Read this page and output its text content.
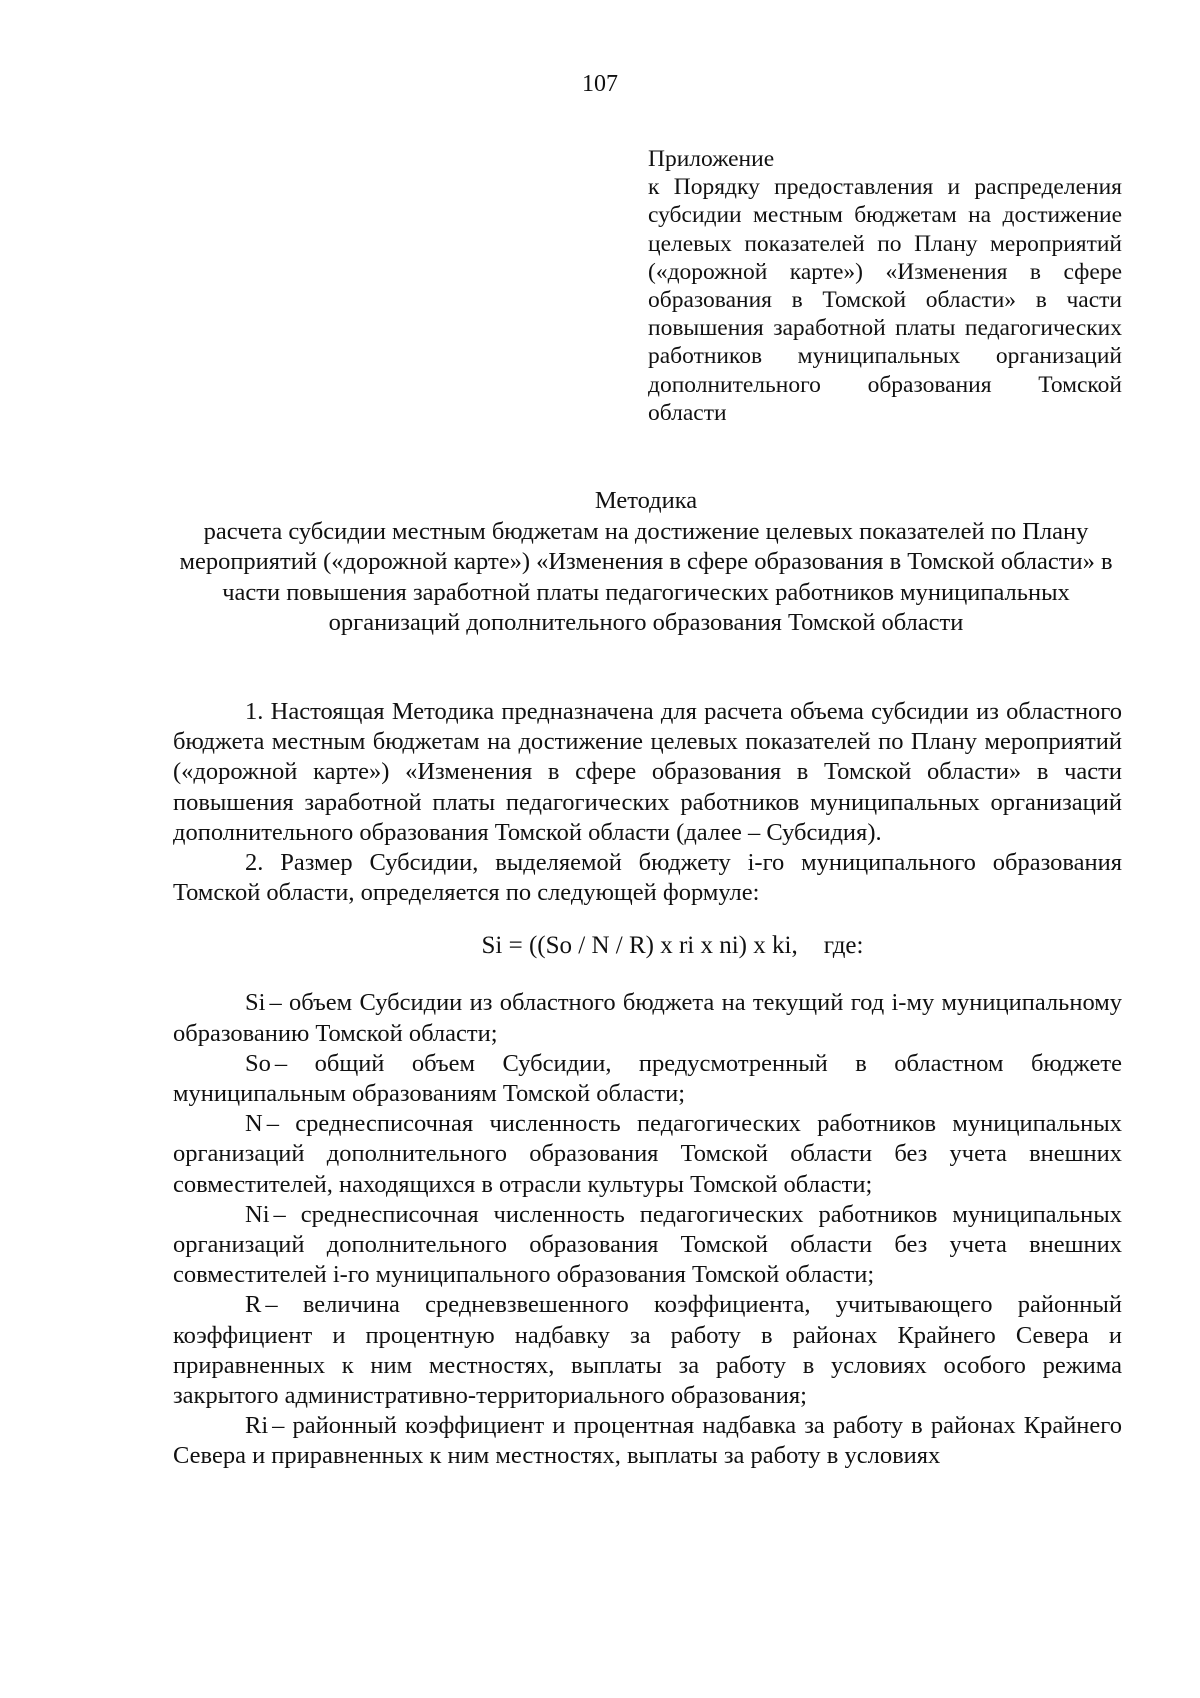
107
Приложение
к Порядку предоставления и распределения субсидии местным бюджетам на достижение целевых показателей по Плану мероприятий («дорожной карте») «Изменения в сфере образования в Томской области» в части повышения заработной платы педагогических работников муниципальных организаций дополнительного образования Томской области
Методика
расчета субсидии местным бюджетам на достижение целевых показателей по Плану мероприятий («дорожной карте») «Изменения в сфере образования в Томской области» в части повышения заработной платы педагогических работников муниципальных организаций дополнительного образования Томской области

1. Настоящая Методика предназначена для расчета объема субсидии из областного бюджета местным бюджетам на достижение целевых показателей по Плану мероприятий («дорожной карте») «Изменения в сфере образования в Томской области» в части повышения заработной платы педагогических работников муниципальных организаций дополнительного образования Томской области (далее – Субсидия).

2. Размер Субсидии, выделяемой бюджету i-го муниципального образования Томской области, определяется по следующей формуле:

Si = ((So / N / R) x ri x ni) x ki, где:

Si – объем Субсидии из областного бюджета на текущий год i-му муниципальному образованию Томской области;

So – общий объем Субсидии, предусмотренный в областном бюджете муниципальным образованиям Томской области;

N – среднесписочная численность педагогических работников муниципальных организаций дополнительного образования Томской области без учета внешних совместителей, находящихся в отрасли культуры Томской области;

Ni – среднесписочная численность педагогических работников муниципальных организаций дополнительного образования Томской области без учета внешних совместителей i-го муниципального образования Томской области;

R – величина средневзвешенного коэффициента, учитывающего районный коэффициент и процентную надбавку за работу в районах Крайнего Севера и приравненных к ним местностях, выплаты за работу в условиях особого режима закрытого административно-территориального образования;

Ri – районный коэффициент и процентная надбавка за работу в районах Крайнего Севера и приравненных к ним местностях, выплаты за работу в условиях
